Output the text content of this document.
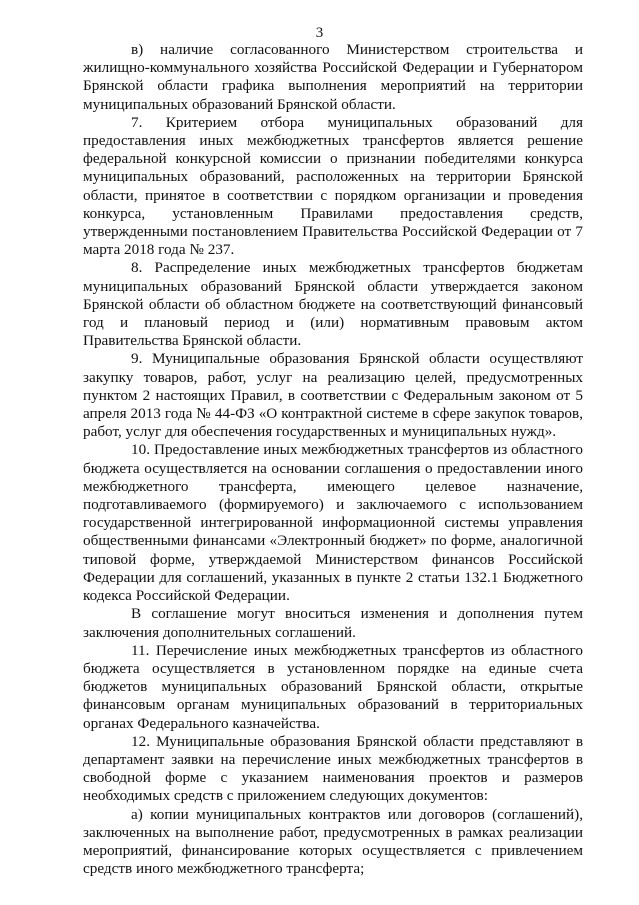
3

в) наличие согласованного Министерством строительства и жилищно-коммунального хозяйства Российской Федерации и Губернатором Брянской области графика выполнения мероприятий на территории муниципальных образований Брянской области.

7. Критерием отбора муниципальных образований для предоставления иных межбюджетных трансфертов является решение федеральной конкурсной комиссии о признании победителями конкурса муниципальных образований, расположенных на территории Брянской области, принятое в соответствии с порядком организации и проведения конкурса, установленным Правилами предоставления средств, утвержденными постановлением Правительства Российской Федерации от 7 марта 2018 года № 237.

8. Распределение иных межбюджетных трансфертов бюджетам муниципальных образований Брянской области утверждается законом Брянской области об областном бюджете на соответствующий финансовый год и плановый период и (или) нормативным правовым актом Правительства Брянской области.

9. Муниципальные образования Брянской области осуществляют закупку товаров, работ, услуг на реализацию целей, предусмотренных пунктом 2 настоящих Правил, в соответствии с Федеральным законом от 5 апреля 2013 года № 44-ФЗ «О контрактной системе в сфере закупок товаров, работ, услуг для обеспечения государственных и муниципальных нужд».

10. Предоставление иных межбюджетных трансфертов из областного бюджета осуществляется на основании соглашения о предоставлении иного межбюджетного трансферта, имеющего целевое назначение, подготавливаемого (формируемого) и заключаемого с использованием государственной интегрированной информационной системы управления общественными финансами «Электронный бюджет» по форме, аналогичной типовой форме, утверждаемой Министерством финансов Российской Федерации для соглашений, указанных в пункте 2 статьи 132.1 Бюджетного кодекса Российской Федерации.

В соглашение могут вноситься изменения и дополнения путем заключения дополнительных соглашений.

11. Перечисление иных межбюджетных трансфертов из областного бюджета осуществляется в установленном порядке на единые счета бюджетов муниципальных образований Брянской области, открытые финансовым органам муниципальных образований в территориальных органах Федерального казначейства.

12. Муниципальные образования Брянской области представляют в департамент заявки на перечисление иных межбюджетных трансфертов в свободной форме с указанием наименования проектов и размеров необходимых средств с приложением следующих документов:

а) копии муниципальных контрактов или договоров (соглашений), заключенных на выполнение работ, предусмотренных в рамках реализации мероприятий, финансирование которых осуществляется с привлечением средств иного межбюджетного трансферта;
